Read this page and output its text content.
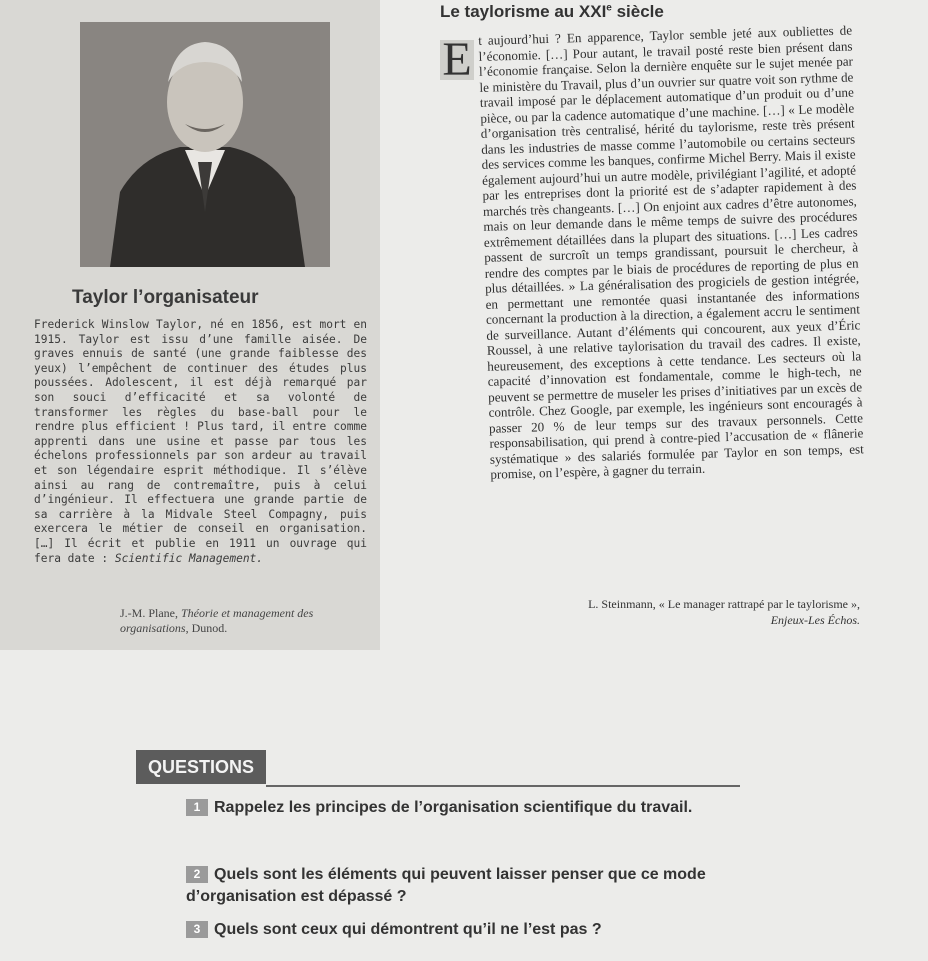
Taylor l’organisateur
Frederick Winslow Taylor, né en 1856, est mort en 1915. Taylor est issu d’une famille aisée. De graves ennuis de santé (une grande faiblesse des yeux) l’empêchent de continuer des études plus poussées. Adolescent, il est déjà remarqué par son souci d’efficacité et sa volonté de transformer les règles du base-ball pour le rendre plus efficient ! Plus tard, il entre comme apprenti dans une usine et passe par tous les échelons professionnels par son ardeur au travail et son légendaire esprit méthodique. Il s’élève ainsi au rang de contremaître, puis à celui d’ingénieur. Il effectuera une grande partie de sa carrière à la Midvale Steel Compagny, puis exercera le métier de conseil en organisation. […] Il écrit et publie en 1911 un ouvrage qui fera date : Scientific Management.
J.-M. Plane, Théorie et management des organisations, Dunod.
Le taylorisme au XXIe siècle
t aujourd’hui ? En apparence, Taylor semble jeté aux oubliettes de l’économie. […] Pour autant, le travail posté reste bien présent dans l’économie française. Selon la dernière enquête sur le sujet menée par le ministère du Travail, plus d’un ouvrier sur quatre voit son rythme de travail imposé par le déplacement automatique d’un produit ou d’une pièce, ou par la cadence automatique d’une machine. […] « Le modèle d’organisation très centralisé, hérité du taylorisme, reste très présent dans les industries de masse comme l’automobile ou certains secteurs des services comme les banques, confirme Michel Berry. Mais il existe également aujourd’hui un autre modèle, privilégiant l’agilité, et adopté par les entreprises dont la priorité est de s’adapter rapidement à des marchés très changeants. […] On enjoint aux cadres d’être autonomes, mais on leur demande dans le même temps de suivre des procédures extrêmement détaillées dans la plupart des situations. […] Les cadres passent de surcroît un temps grandissant, poursuit le chercheur, à rendre des comptes par le biais de procédures de reporting de plus en plus détaillées. » La généralisation des progiciels de gestion intégrée, en permettant une remontée quasi instantanée des informations concernant la production à la direction, a également accru le sentiment de surveillance. Autant d’éléments qui concourent, aux yeux d’Éric Roussel, à une relative taylorisation du travail des cadres. Il existe, heureusement, des exceptions à cette tendance. Les secteurs où la capacité d’innovation est fondamentale, comme le high-tech, ne peuvent se permettre de museler les prises d’initiatives par un excès de contrôle. Chez Google, par exemple, les ingénieurs sont encouragés à passer 20 % de leur temps sur des travaux personnels. Cette responsabilisation, qui prend à contre-pied l’accusation de « flânerie systématique » des salariés formulée par Taylor en son temps, est promise, on l’espère, à gagner du terrain.
E
L. Steinmann, « Le manager rattrapé par le taylorisme »,
Enjeux-Les Échos.
QUESTIONS
1 Rappelez les principes de l’organisation scientifique du travail.
2 Quels sont les éléments qui peuvent laisser penser que ce mode d’organisation est dépassé ?
3 Quels sont ceux qui démontrent qu’il ne l’est pas ?
